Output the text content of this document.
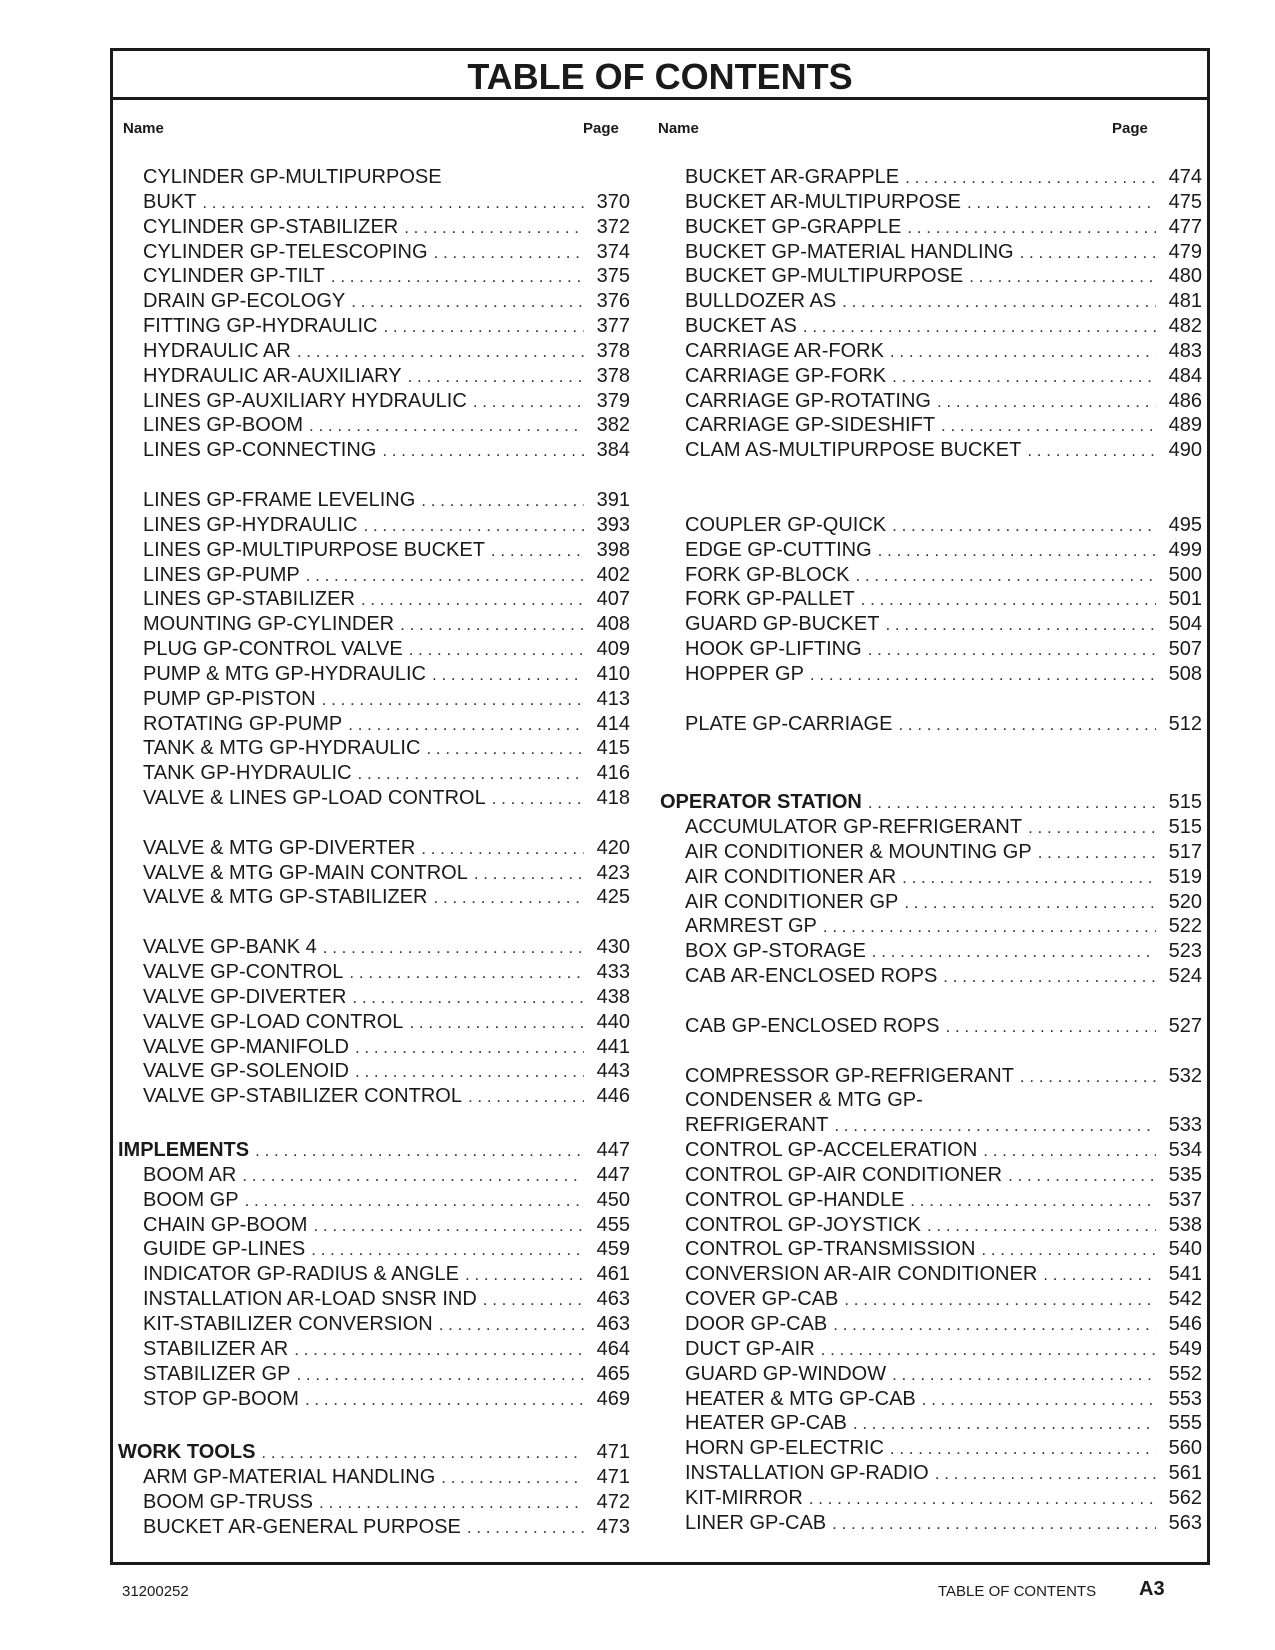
TABLE OF CONTENTS
Name	Page	Name	Page
CYLINDER GP-MULTIPURPOSE
BUKT . . .	370
CYLINDER GP-STABILIZER . . .	372
CYLINDER GP-TELESCOPING . . .	374
CYLINDER GP-TILT . . .	375
DRAIN GP-ECOLOGY . . .	376
FITTING GP-HYDRAULIC . . .	377
HYDRAULIC AR . . .	378
HYDRAULIC AR-AUXILIARY . . .	378
LINES GP-AUXILIARY HYDRAULIC . . .	379
LINES GP-BOOM . . .	382
LINES GP-CONNECTING . . .	384
LINES GP-FRAME LEVELING . . .	391
LINES GP-HYDRAULIC . . .	393
LINES GP-MULTIPURPOSE BUCKET . . .	398
LINES GP-PUMP . . .	402
LINES GP-STABILIZER . . .	407
MOUNTING GP-CYLINDER . . .	408
PLUG GP-CONTROL VALVE . . .	409
PUMP & MTG GP-HYDRAULIC . . .	410
PUMP GP-PISTON . . .	413
ROTATING GP-PUMP . . .	414
TANK & MTG GP-HYDRAULIC . . .	415
TANK GP-HYDRAULIC . . .	416
VALVE & LINES GP-LOAD CONTROL . . .	418
VALVE & MTG GP-DIVERTER . . .	420
VALVE & MTG GP-MAIN CONTROL . . .	423
VALVE & MTG GP-STABILIZER . . .	425
VALVE GP-BANK 4 . . .	430
VALVE GP-CONTROL . . .	433
VALVE GP-DIVERTER . . .	438
VALVE GP-LOAD CONTROL . . .	440
VALVE GP-MANIFOLD . . .	441
VALVE GP-SOLENOID . . .	443
VALVE GP-STABILIZER CONTROL . . .	446
IMPLEMENTS . . .	447
BOOM AR . . .	447
BOOM GP . . .	450
CHAIN GP-BOOM . . .	455
GUIDE GP-LINES . . .	459
INDICATOR GP-RADIUS & ANGLE . . .	461
INSTALLATION AR-LOAD SNSR IND . . .	463
KIT-STABILIZER CONVERSION . . .	463
STABILIZER AR . . .	464
STABILIZER GP . . .	465
STOP GP-BOOM . . .	469
WORK TOOLS . . .	471
ARM GP-MATERIAL HANDLING . . .	471
BOOM GP-TRUSS . . .	472
BUCKET AR-GENERAL PURPOSE . . .	473
BUCKET AR-GRAPPLE . . .	474
BUCKET AR-MULTIPURPOSE . . .	475
BUCKET GP-GRAPPLE . . .	477
BUCKET GP-MATERIAL HANDLING . . .	479
BUCKET GP-MULTIPURPOSE . . .	480
BULLDOZER AS . . .	481
BUCKET AS . . .	482
CARRIAGE AR-FORK . . .	483
CARRIAGE GP-FORK . . .	484
CARRIAGE GP-ROTATING . . .	486
CARRIAGE GP-SIDESHIFT . . .	489
CLAM AS-MULTIPURPOSE BUCKET . . .	490
COUPLER GP-QUICK . . .	495
EDGE GP-CUTTING . . .	499
FORK GP-BLOCK . . .	500
FORK GP-PALLET . . .	501
GUARD GP-BUCKET . . .	504
HOOK GP-LIFTING . . .	507
HOPPER GP . . .	508
PLATE GP-CARRIAGE . . .	512
OPERATOR STATION . . .	515
ACCUMULATOR GP-REFRIGERANT . . .	515
AIR CONDITIONER & MOUNTING GP . . .	517
AIR CONDITIONER AR . . .	519
AIR CONDITIONER GP . . .	520
ARMREST GP . . .	522
BOX GP-STORAGE . . .	523
CAB AR-ENCLOSED ROPS . . .	524
CAB GP-ENCLOSED ROPS . . .	527
COMPRESSOR GP-REFRIGERANT . . .	532
CONDENSER & MTG GP-
REFRIGERANT . . .	533
CONTROL GP-ACCELERATION . . .	534
CONTROL GP-AIR CONDITIONER . . .	535
CONTROL GP-HANDLE . . .	537
CONTROL GP-JOYSTICK . . .	538
CONTROL GP-TRANSMISSION . . .	540
CONVERSION AR-AIR CONDITIONER . . .	541
COVER GP-CAB . . .	542
DOOR GP-CAB . . .	546
DUCT GP-AIR . . .	549
GUARD GP-WINDOW . . .	552
HEATER & MTG GP-CAB . . .	553
HEATER GP-CAB . . .	555
HORN GP-ELECTRIC . . .	560
INSTALLATION GP-RADIO . . .	561
KIT-MIRROR . . .	562
LINER GP-CAB . . .	563
31200252	TABLE OF CONTENTS A3
